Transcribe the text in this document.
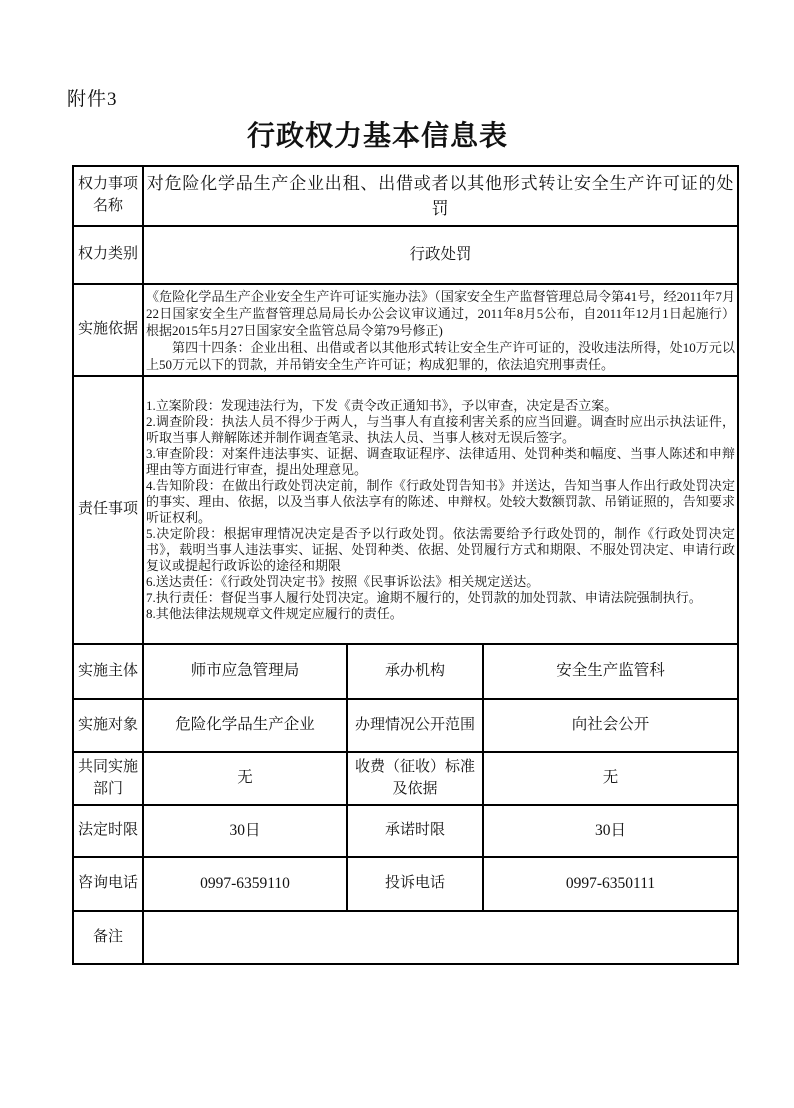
附件3
行政权力基本信息表
权力事项名称	对危险化学品生产企业出租、出借或者以其他形式转让安全生产许可证的处罚		
权力类别	行政处罚		
实施依据	《危险化学品生产企业安全生产许可证实施办法》（国家安全生产监督管理总局令第41号，经2011年7月22日国家安全生产监督管理总局局长办公会议审议通过，2011年8月5公布，自2011年12月1日起施行）根据2015年5月27日国家安全监管总局令第79号修正)
第四十四条：企业出租、出借或者以其他形式转让安全生产许可证的，没收违法所得，处10万元以上50万元以下的罚款，并吊销安全生产许可证；构成犯罪的，依法追究刑事责任。		

责任事项	
1.立案阶段：发现违法行为，下发《责令改正通知书》，予以审查，决定是否立案。
2.调查阶段：执法人员不得少于两人，与当事人有直接利害关系的应当回避。调查时应出示执法证件，听取当事人辩解陈述并制作调查笔录、执法人员、当事人核对无误后签字。
3.审查阶段：对案件违法事实、证据、调查取证程序、法律适用、处罚种类和幅度、当事人陈述和申辩理由等方面进行审查，提出处理意见。
4.告知阶段：在做出行政处罚决定前，制作《行政处罚告知书》并送达，告知当事人作出行政处罚决定的事实、理由、依据，以及当事人依法享有的陈述、申辩权。处较大数额罚款、吊销证照的，告知要求听证权利。
5.决定阶段：根据审理情况决定是否予以行政处罚。依法需要给予行政处罚的，制作《行政处罚决定书》，载明当事人违法事实、证据、处罚种类、依据、处罚履行方式和期限、不服处罚决定、申请行政复议或提起行政诉讼的途径和期限
6.送达责任：《行政处罚决定书》按照《民事诉讼法》相关规定送达。
7.执行责任：督促当事人履行处罚决定。逾期不履行的，处罚款的加处罚款、申请法院强制执行。
8.其他法律法规规章文件规定应履行的责任。

实施主体	师市应急管理局	承办机构	安全生产监管科
实施对象	危险化学品生产企业	办理情况公开范围	向社会公开
共同实施部门	无	收费（征收）标准及依据	无
法定时限	30日	承诺时限	30日
咨询电话	0997-6359110	投诉电话	0997-6350111
备注			
